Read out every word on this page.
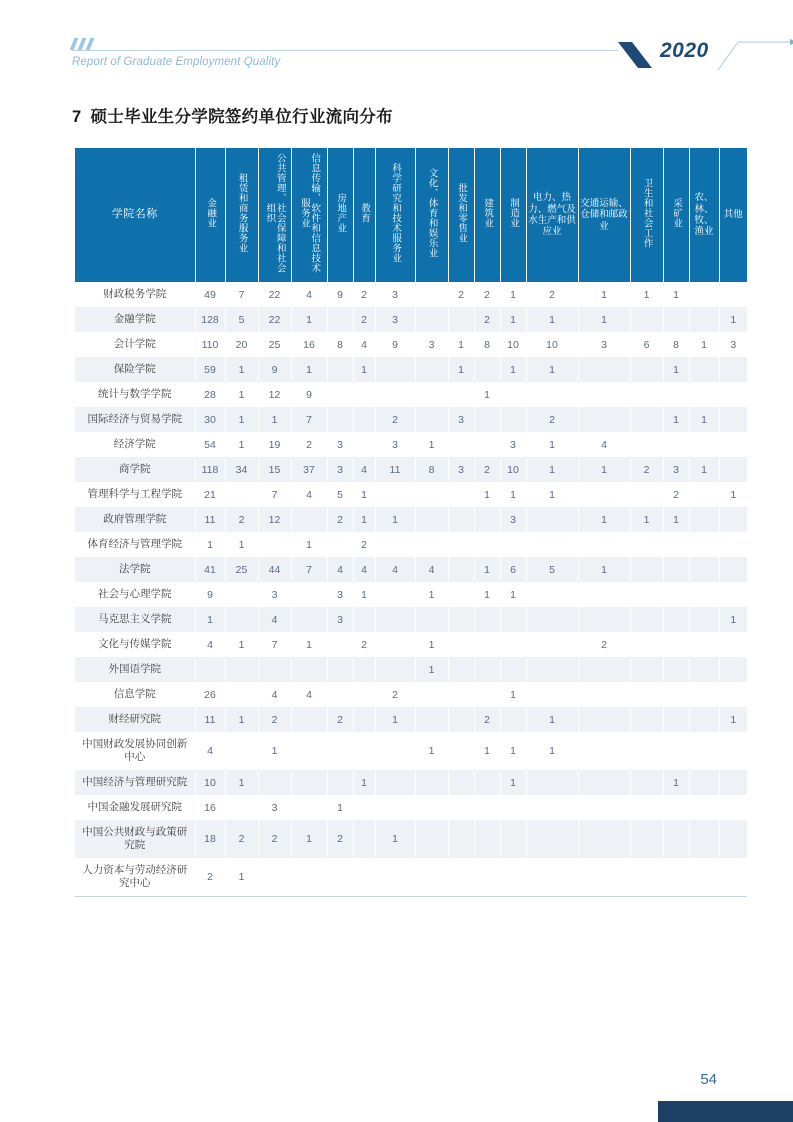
Report of Graduate Employment Quality	2020
7 硕士毕业生分学院签约单位行业流向分布
学院名称	金融业	租赁和商务服务业	公共管理、社会保障和社会组织	信息传输、软件和信息技术服务业	房地产业	教育	科学研究和技术服务业	文化、体育和娱乐业	批发和零售业	建筑业	制造业	电力、热力、燃气及水生产和供应业	交通运输、仓储和邮政业	卫生和社会工作	采矿业	农、林、牧、渔业	其他
财政税务学院	49	7	22	4	9	2	3		2	2	1	2	1	1	1		
金融学院	128	5	22	1		2	3			2	1	1	1				1
会计学院	110	20	25	16	8	4	9	3	1	8	10	10	3	6	8	1	3
保险学院	59	1	9	1		1			1		1	1			1		
统计与数学学院	28	1	12	9						1							
国际经济与贸易学院	30	1	1	7			2		3			2			1	1	
经济学院	54	1	19	2	3		3	1			3	1	4				
商学院	118	34	15	37	3	4	11	8	3	2	10	1	1	2	3	1	
管理科学与工程学院	21		7	4	5	1				1	1	1			2		1
政府管理学院	11	2	12		2	1	1				3		1	1	1		
体育经济与管理学院	1	1		1		2											
法学院	41	25	44	7	4	4	4	4		1	6	5	1				
社会与心理学院	9		3		3	1		1		1	1						
马克思主义学院	1		4		3												1
文化与传媒学院	4	1	7	1		2		1					2				
外国语学院								1									
信息学院	26		4	4			2				1						
财经研究院	11	1	2		2		1			2		1					1
中国财政发展协同创新中心	4		1					1		1	1	1					
中国经济与管理研究院	10	1				1					1				1		
中国金融发展研究院	16		3		1												
中国公共财政与政策研究院	18	2	2	1	2		1										
人力资本与劳动经济研究中心	2	1															
54
